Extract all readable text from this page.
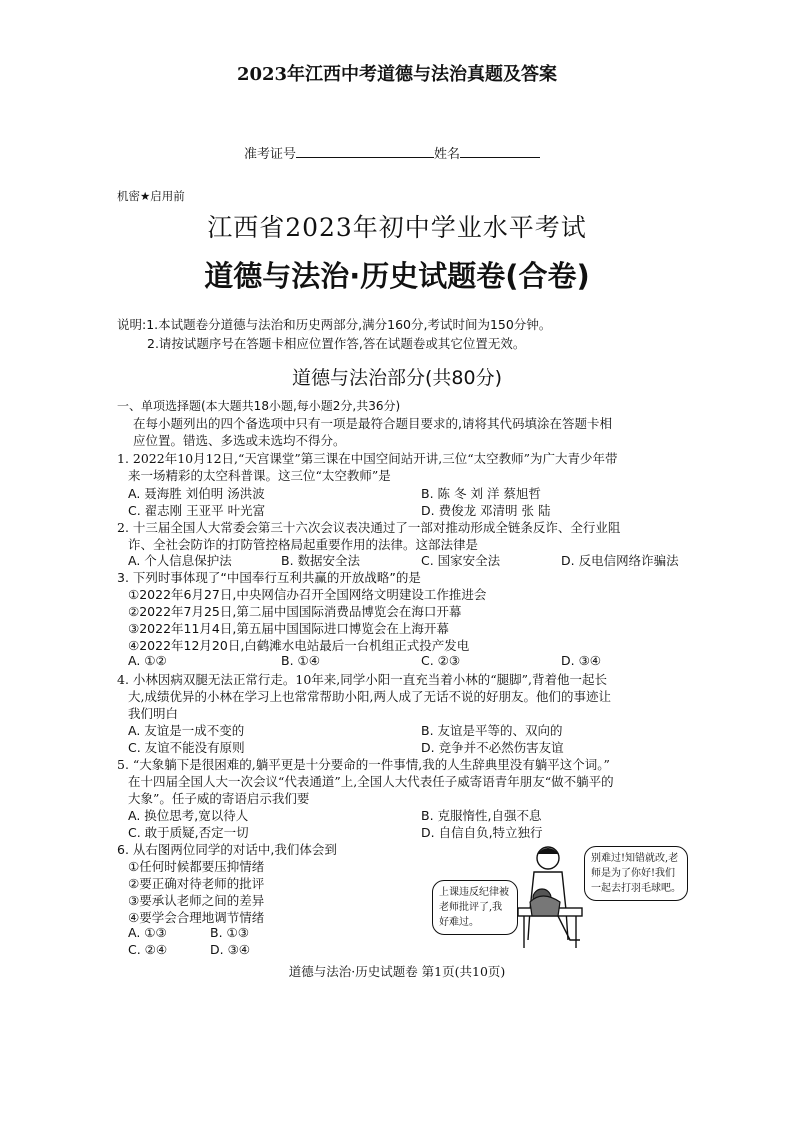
2023年江西中考道德与法治真题及答案
准考证号	姓名
机密★启用前
江西省2023年初中学业水平考试
道德与法治·历史试题卷(合卷)
说明:1.本试题卷分道德与法治和历史两部分,满分160分,考试时间为150分钟。
2.请按试题序号在答题卡相应位置作答,答在试题卷或其它位置无效。
道德与法治部分(共80分)
一、单项选择题(本大题共18小题,每小题2分,共36分)
在每小题列出的四个备选项中只有一项是最符合题目要求的,请将其代码填涂在答题卡相
应位置。错选、多选或未选均不得分。
1. 2022年10月12日,“天宫课堂”第三课在中国空间站开讲,三位“太空教师”为广大青少年带
来一场精彩的太空科普课。这三位“太空教师”是
A. 聂海胜 刘伯明 汤洪波	B. 陈 冬 刘 洋 蔡旭哲
C. 翟志刚 王亚平 叶光富	D. 费俊龙 邓清明 张 陆
2. 十三届全国人大常委会第三十六次会议表决通过了一部对推动形成全链条反诈、全行业阻
诈、全社会防诈的打防管控格局起重要作用的法律。这部法律是
A. 个人信息保护法	B. 数据安全法	C. 国家安全法	D. 反电信网络诈骗法
3. 下列时事体现了“中国奉行互利共赢的开放战略”的是
①2022年6月27日,中央网信办召开全国网络文明建设工作推进会
②2022年7月25日,第二届中国国际消费品博览会在海口开幕
③2022年11月4日,第五届中国国际进口博览会在上海开幕
④2022年12月20日,白鹤滩水电站最后一台机组正式投产发电
A. ①②	B. ①④	C. ②③	D. ③④
4. 小林因病双腿无法正常行走。10年来,同学小阳一直充当着小林的“腿脚”,背着他一起长
大,成绩优异的小林在学习上也常常帮助小阳,两人成了无话不说的好朋友。他们的事迹让
我们明白
A. 友谊是一成不变的	B. 友谊是平等的、双向的
C. 友谊不能没有原则	D. 竞争并不必然伤害友谊
5. “大象躺下是很困难的,躺平更是十分要命的一件事情,我的人生辞典里没有躺平这个词。”
在十四届全国人大一次会议“代表通道”上,全国人大代表任子威寄语青年朋友“做不躺平的
大象”。任子威的寄语启示我们要
A. 换位思考,宽以待人	B. 克服惰性,自强不息
C. 敢于质疑,否定一切	D. 自信自负,特立独行
6. 从右图两位同学的对话中,我们体会到
①任何时候都要压抑情绪
②要正确对待老师的批评
③要承认老师之间的差异
④要学会合理地调节情绪
A. ①③	B. ①③
C. ②④	D. ③④
上课违反纪律被老师批评了,我好难过。
别难过!知错就改,老师是为了你好!我们一起去打羽毛球吧。
道德与法治·历史试题卷 第1页(共10页)
